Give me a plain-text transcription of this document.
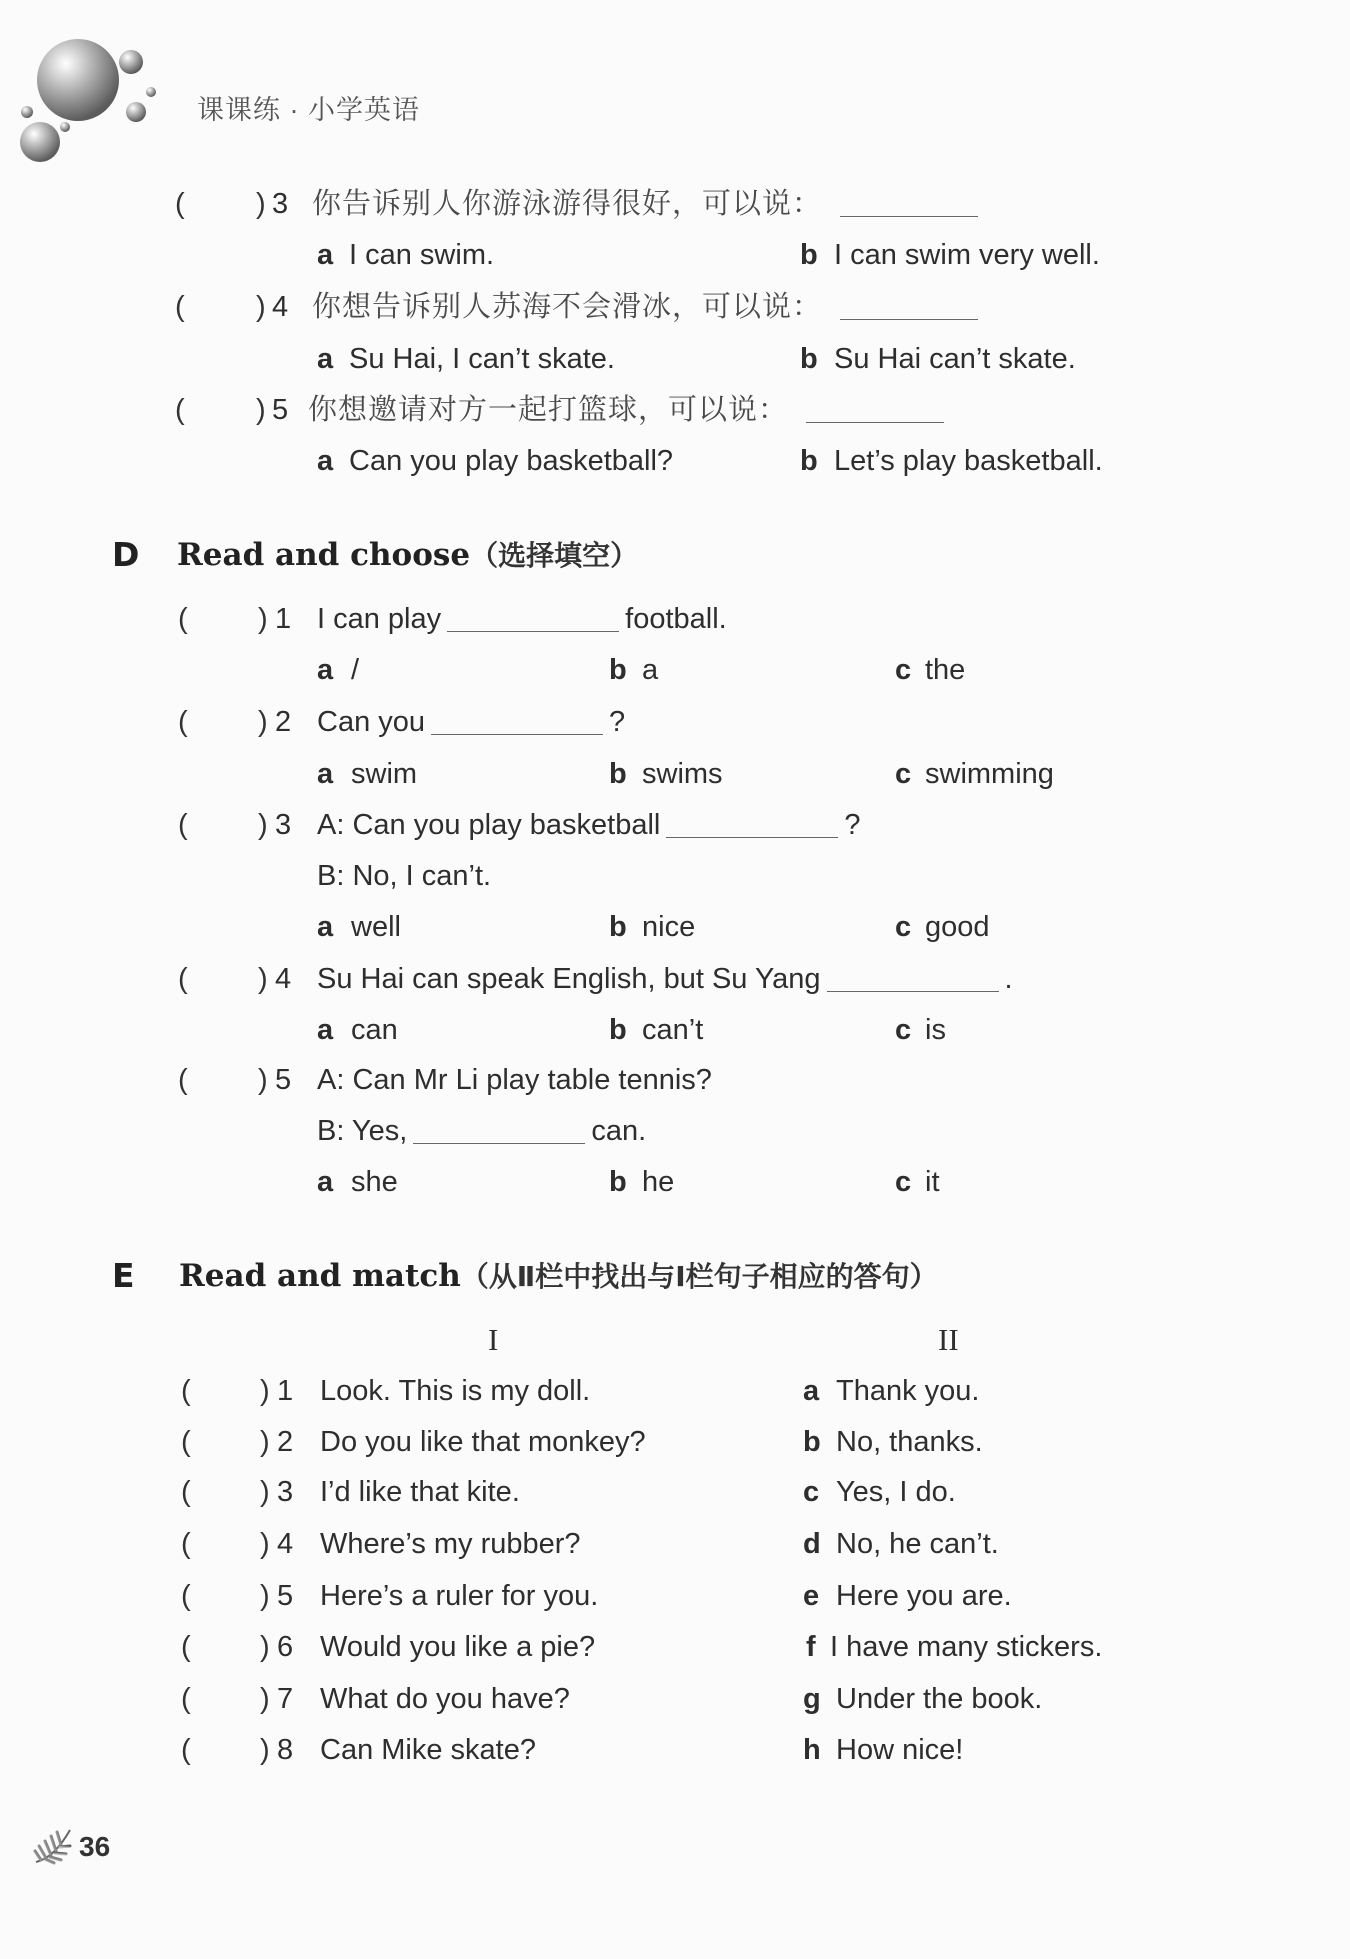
课课练 · 小学英语
( ) 3 你告诉别人你游泳游得很好，可以说：
a I can swim.	b I can swim very well.
( ) 4 你想告诉别人苏海不会滑冰，可以说：
a Su Hai, I can’t skate.	b Su Hai can’t skate.
( ) 5 你想邀请对方一起打篮球，可以说：
a Can you play basketball?	b Let’s play basketball.
D Read and choose（选择填空）
( ) 1 I can play	football.
a /	b a	c the
( ) 2 Can you	?
a swim	b swims	c swimming
( ) 3 A: Can you play basketball	?
B: No, I can’t.
a well	b nice	c good
( ) 4 Su Hai can speak English, but Su Yang	.
a can	b can’t	c is
( ) 5 A: Can Mr Li play table tennis?
B: Yes,	can.
a she	b he	c it
E Read and match（从Ⅱ栏中找出与Ⅰ栏句子相应的答句）
I	II
( ) 1 Look. This is my doll.	a Thank you.
( ) 2 Do you like that monkey?	b No, thanks.
( ) 3 I’d like that kite.	c Yes, I do.
( ) 4 Where’s my rubber?	d No, he can’t.
( ) 5 Here’s a ruler for you.	e Here you are.
( ) 6 Would you like a pie?	f I have many stickers.
( ) 7 What do you have?	g Under the book.
( ) 8 Can Mike skate?	h How nice!
36
